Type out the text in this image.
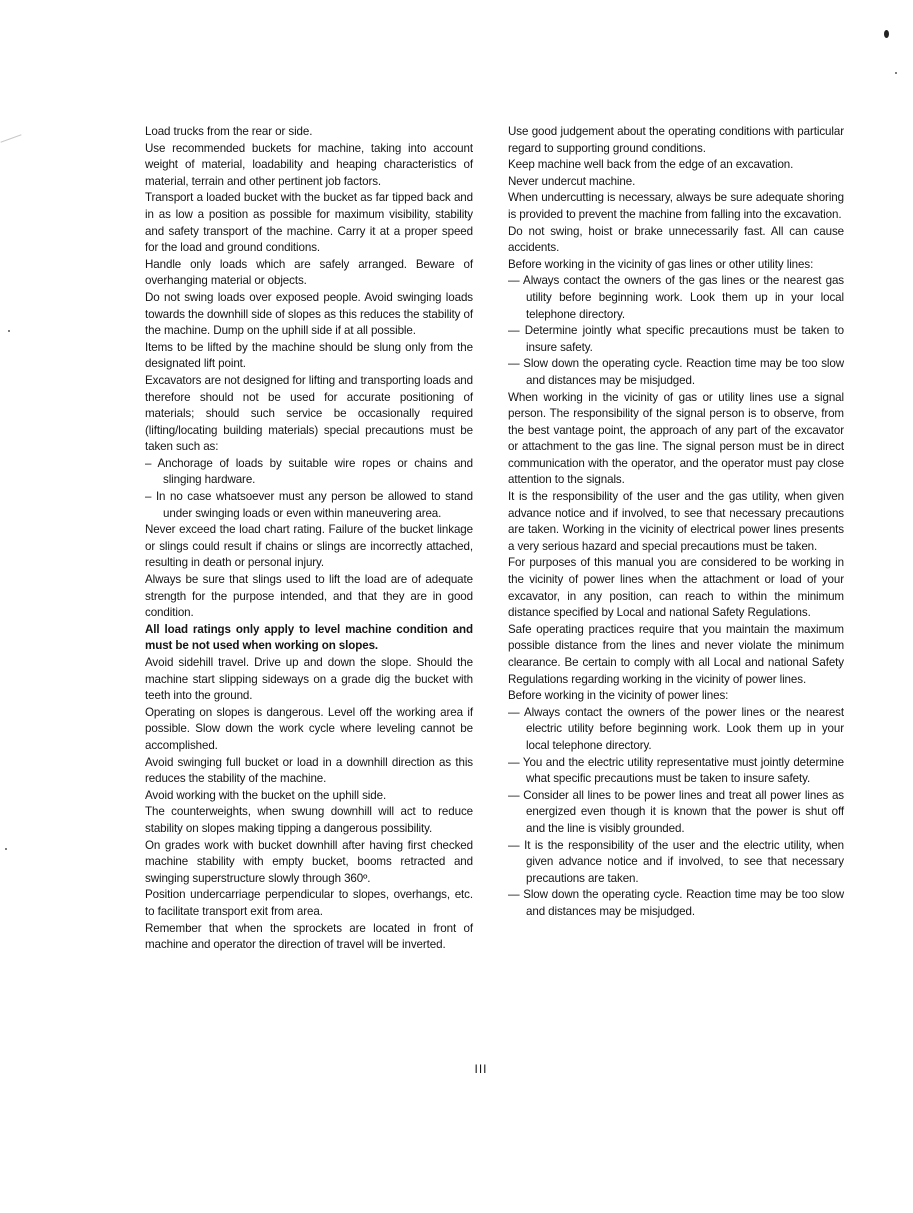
Load trucks from the rear or side.

Use recommended buckets for machine, taking into account weight of material, loadability and heaping characteristics of material, terrain and other pertinent job factors.

Transport a loaded bucket with the bucket as far tipped back and in as low a position as possible for maximum visibility, stability and safety transport of the machine. Carry it at a proper speed for the load and ground conditions.

Handle only loads which are safely arranged. Beware of overhanging material or objects.

Do not swing loads over exposed people. Avoid swinging loads towards the downhill side of slopes as this reduces the stability of the machine. Dump on the uphill side if at all possible.

Items to be lifted by the machine should be slung only from the designated lift point.

Excavators are not designed for lifting and transporting loads and therefore should not be used for accurate positioning of materials; should such service be occasionally required (lifting/locating building materials) special precautions must be taken such as:

– Anchorage of loads by suitable wire ropes or chains and slinging hardware.

– In no case whatsoever must any person be allowed to stand under swinging loads or even within maneuvering area.

Never exceed the load chart rating. Failure of the bucket linkage or slings could result if chains or slings are incorrectly attached, resulting in death or personal injury.

Always be sure that slings used to lift the load are of adequate strength for the purpose intended, and that they are in good condition.

All load ratings only apply to level machine condition and must be not used when working on slopes.

Avoid sidehill travel. Drive up and down the slope. Should the machine start slipping sideways on a grade dig the bucket with teeth into the ground.

Operating on slopes is dangerous. Level off the working area if possible. Slow down the work cycle where leveling cannot be accomplished.

Avoid swinging full bucket or load in a downhill direction as this reduces the stability of the machine.

Avoid working with the bucket on the uphill side.

The counterweights, when swung downhill will act to reduce stability on slopes making tipping a dangerous possibility.

On grades work with bucket downhill after having first checked machine stability with empty bucket, booms retracted and swinging superstructure slowly through 360º.

Position undercarriage perpendicular to slopes, overhangs, etc. to facilitate transport exit from area.

Remember that when the sprockets are located in front of machine and operator the direction of travel will be inverted.

Use good judgement about the operating conditions with particular regard to supporting ground conditions.

Keep machine well back from the edge of an excavation.

Never undercut machine.

When undercutting is necessary, always be sure adequate shoring is provided to prevent the machine from falling into the excavation.

Do not swing, hoist or brake unnecessarily fast. All can cause accidents.

Before working in the vicinity of gas lines or other utility lines:

— Always contact the owners of the gas lines or the nearest gas utility before beginning work. Look them up in your local telephone directory.

— Determine jointly what specific precautions must be taken to insure safety.

— Slow down the operating cycle. Reaction time may be too slow and distances may be misjudged.

When working in the vicinity of gas or utility lines use a signal person. The responsibility of the signal person is to observe, from the best vantage point, the approach of any part of the excavator or attachment to the gas line. The signal person must be in direct communication with the operator, and the operator must pay close attention to the signals.

It is the responsibility of the user and the gas utility, when given advance notice and if involved, to see that necessary precautions are taken. Working in the vicinity of electrical power lines presents a very serious hazard and special precautions must be taken.

For purposes of this manual you are considered to be working in the vicinity of power lines when the attachment or load of your excavator, in any position, can reach to within the minimum distance specified by Local and national Safety Regulations.

Safe operating practices require that you maintain the maximum possible distance from the lines and never violate the minimum clearance. Be certain to comply with all Local and national Safety Regulations regarding working in the vicinity of power lines.

Before working in the vicinity of power lines:

— Always contact the owners of the power lines or the nearest electric utility before beginning work. Look them up in your local telephone directory.

— You and the electric utility representative must jointly determine what specific precautions must be taken to insure safety.

— Consider all lines to be power lines and treat all power lines as energized even though it is known that the power is shut off and the line is visibly grounded.

— It is the responsibility of the user and the electric utility, when given advance notice and if involved, to see that necessary precautions are taken.

— Slow down the operating cycle. Reaction time may be too slow and distances may be misjudged.

III
